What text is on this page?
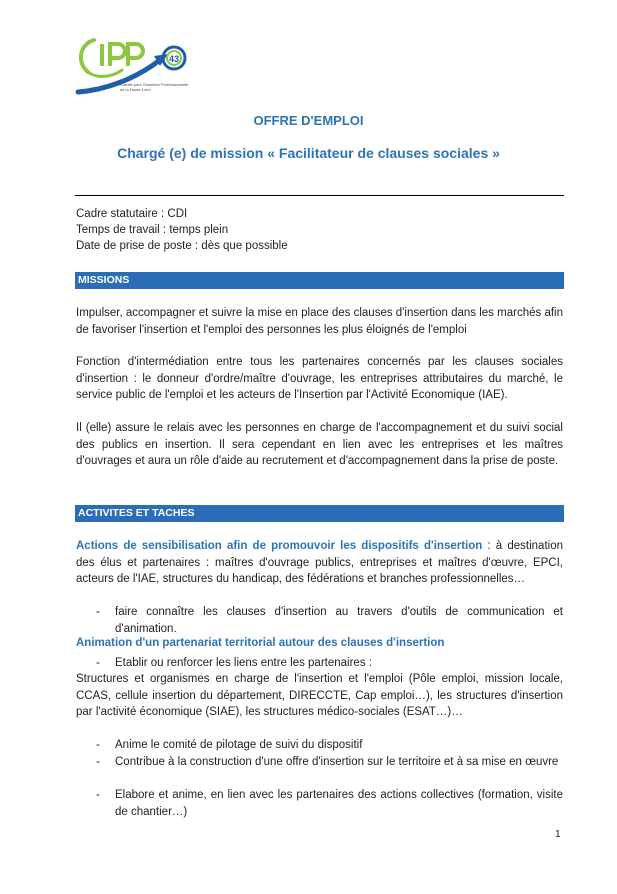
43
Comité pour l'Insertion Professionnelle de la Haute-Loire
OFFRE D'EMPLOI
Chargé (e) de mission « Facilitateur de clauses sociales »
Cadre statutaire : CDI
Temps de travail : temps plein
Date de prise de poste : dès que possible
MISSIONS
Impulser, accompagner et suivre la mise en place des clauses d'insertion dans les marchés afin de favoriser l'insertion et l'emploi des personnes les plus éloignés de l'emploi
Fonction d'intermédiation entre tous les partenaires concernés par les clauses sociales d'insertion : le donneur d'ordre/maître d'ouvrage, les entreprises attributaires du marché, le service public de l'emploi et les acteurs de l'Insertion par l'Activité Economique (IAE).
Il (elle) assure le relais avec les personnes en charge de l'accompagnement et du suivi social des publics en insertion. Il sera cependant en lien avec les entreprises et les maîtres d'ouvrages et aura un rôle d'aide au recrutement et d'accompagnement dans la prise de poste.
ACTIVITES ET TACHES
Actions de sensibilisation afin de promouvoir les dispositifs d'insertion : à destination des élus et partenaires : maîtres d'ouvrage publics, entreprises et maîtres d'œuvre, EPCI, acteurs de l'IAE, structures du handicap, des fédérations et branches professionnelles…
-	faire connaître les clauses d'insertion au travers d'outils de communication et d'animation.
Animation d'un partenariat territorial autour des clauses d'insertion
-	Etablir ou renforcer les liens entre les partenaires :
Structures et organismes en charge de l'insertion et l'emploi (Pôle emploi, mission locale, CCAS, cellule insertion du département, DIRECCTE, Cap emploi…), les structures d'insertion par l'activité économique (SIAE), les structures médico-sociales (ESAT…)…
-	Anime le comité de pilotage de suivi du dispositif
-	Contribue à la construction d'une offre d'insertion sur le territoire et à sa mise en œuvre
-	Elabore et anime, en lien avec les partenaires des actions collectives (formation, visite de chantier…)
1
